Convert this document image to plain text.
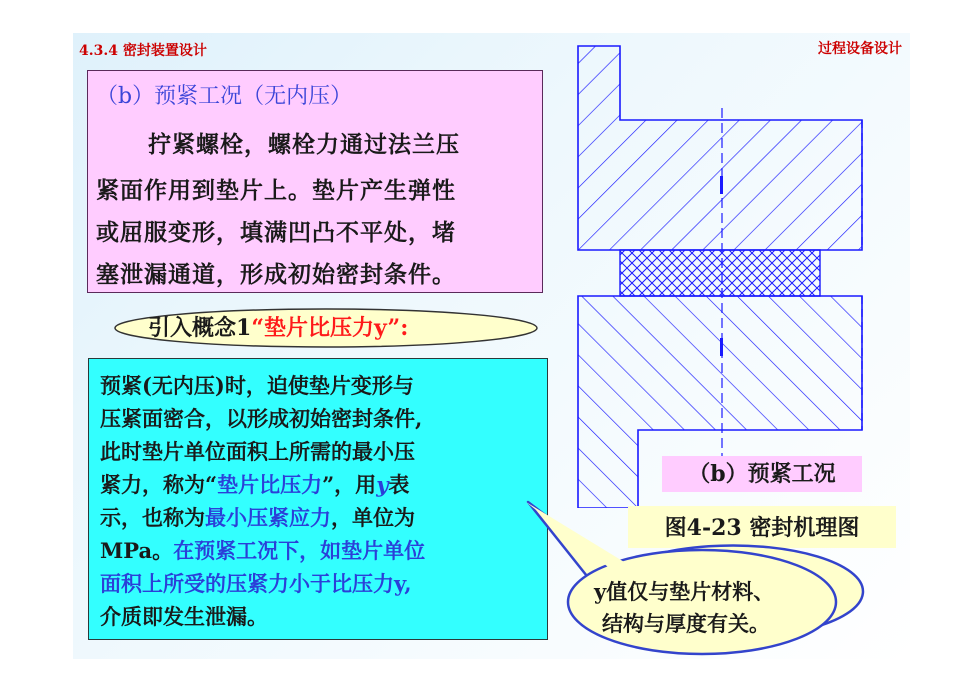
4.3.4 密封装置设计	过程设备设计
（b）预紧工况（无内压）
拧紧螺栓，螺栓力通过法兰压
紧面作用到垫片上。垫片产生弹性
或屈服变形，填满凹凸不平处，堵
塞泄漏通道，形成初始密封条件。
引入概念1“垫片比压力y”:
预紧(无内压)时，迫使垫片变形与
压紧面密合，以形成初始密封条件,
此时垫片单位面积上所需的最小压
紧力，称为“垫片比压力”，用y表
示，也称为最小压紧应力，单位为
MPa。在预紧工况下，如垫片单位
面积上所受的压紧力小于比压力y,
介质即发生泄漏。
（b）预紧工况
图4-23 密封机理图
y值仅与垫片材料、
结构与厚度有关。
